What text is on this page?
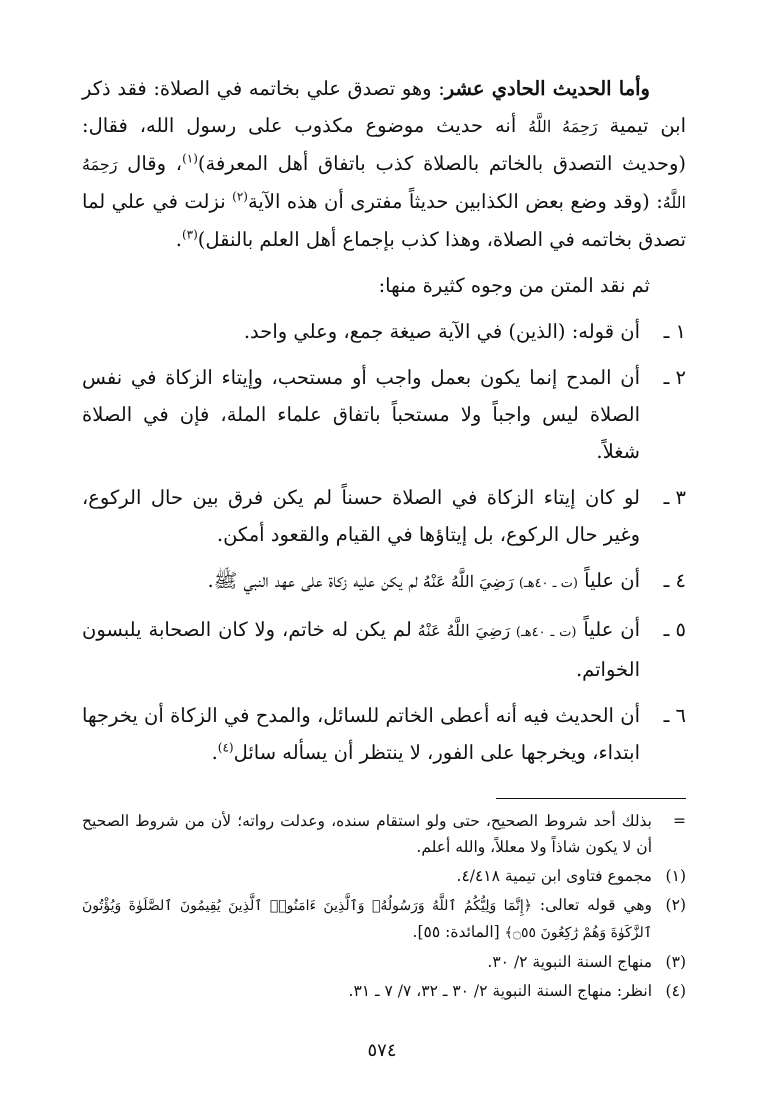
وأما الحديث الحادي عشر: وهو تصدق علي بخاتمه في الصلاة: فقد ذكر ابن تيمية رَحِمَهُ اللَّهُ أنه حديث موضوع مكذوب على رسول الله، فقال: (وحديث التصدق بالخاتم بالصلاة كذب باتفاق أهل المعرفة)$^{(١)}$، وقال رَحِمَهُ اللَّهُ: (وقد وضع بعض الكذابين حديثاً مفترى أن هذه الآية$^{(٢)}$ نزلت في علي لما تصدق بخاتمه في الصلاة، وهذا كذب بإجماع أهل العلم بالنقل)$^{(٣)}$.

ثم نقد المتن من وجوه كثيرة منها:

١ ـ
أن قوله: (الذين) في الآية صيغة جمع، وعلي واحد.
٢ ـ
أن المدح إنما يكون بعمل واجب أو مستحب، وإيتاء الزكاة في نفس الصلاة ليس واجباً ولا مستحباً باتفاق علماء الملة، فإن في الصلاة شغلاً.
٣ ـ
لو كان إيتاء الزكاة في الصلاة حسناً لم يكن فرق بين حال الركوع، وغير حال الركوع، بل إيتاؤها في القيام والقعود أمكن.
٤ ـ
أن علياً (ت ـ ٤٠هـ) رَضِيَ اللَّهُ عَنْهُ لم يكن عليه زكاة على عهد النبي ﷺ.
٥ ـ
أن علياً (ت ـ ٤٠هـ) رَضِيَ اللَّهُ عَنْهُ لم يكن له خاتم، ولا كان الصحابة يلبسون الخواتم.
٦ ـ
أن الحديث فيه أنه أعطى الخاتم للسائل، والمدح في الزكاة أن يخرجها ابتداء، ويخرجها على الفور، لا ينتظر أن يسأله سائل$^{(٤)}$.
=
بذلك أحد شروط الصحيح، حتى ولو استقام سنده، وعدلت رواته؛ لأن من شروط الصحيح أن لا يكون شاذاً ولا معللاً، والله أعلم.
(١)
مجموع فتاوى ابن تيمية ٤/٤١٨.
(٢)
وهي قوله تعالى: ﴿إِنَّمَا وَلِيُّكُمُ ٱللَّهُ وَرَسُولُهُۥ وَٱلَّذِينَ ءَامَنُوا۟ ٱلَّذِينَ يُقِيمُونَ ٱلصَّلَوٰةَ وَيُؤْتُونَ ٱلزَّكَوٰةَ وَهُمْ رَٰكِعُونَ ۝٥٥﴾ [المائدة: ٥٥].
(٣)
منهاج السنة النبوية ٢/ ٣٠.
(٤)
انظر: منهاج السنة النبوية ٢/ ٣٠ ـ ٣٢، ٧/ ٧ ـ ٣١.
٥٧٤
